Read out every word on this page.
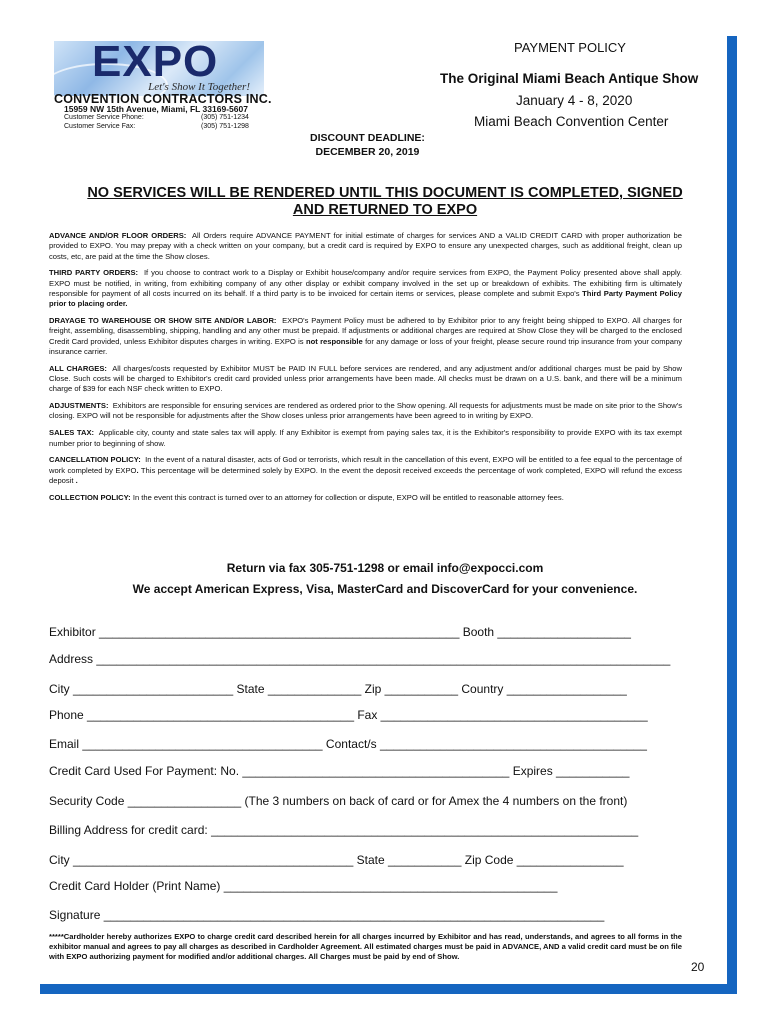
EXPO
Let's Show It Together!
CONVENTION CONTRACTORS INC.
15959 NW 15th Avenue, Miami, FL 33169-5607
Customer Service Phone:	(305) 751-1234
Customer Service Fax:	(305) 751-1298
PAYMENT POLICY
The Original Miami Beach Antique Show
January 4 - 8, 2020
Miami Beach Convention Center
DISCOUNT DEADLINE:
DECEMBER 20, 2019
NO SERVICES WILL BE RENDERED UNTIL THIS DOCUMENT IS COMPLETED, SIGNED
AND RETURNED TO EXPO

ADVANCE AND/OR FLOOR ORDERS: All Orders require ADVANCE PAYMENT for initial estimate of charges for services AND a VALID CREDIT CARD with proper authorization be provided to EXPO. You may prepay with a check written on your company, but a credit card is required by EXPO to ensure any unexpected charges, such as additional freight, clean up costs, etc, are paid at the time the Show closes.

THIRD PARTY ORDERS: If you choose to contract work to a Display or Exhibit house/company and/or require services from EXPO, the Payment Policy presented above shall apply. EXPO must be notified, in writing, from exhibiting company of any other display or exhibit company involved in the set up or breakdown of exhibits. The exhibiting firm is ultimately responsible for payment of all costs incurred on its behalf. If a third party is to be invoiced for certain items or services, please complete and submit Expo's Third Party Payment Policy prior to placing order.

DRAYAGE TO WAREHOUSE OR SHOW SITE AND/OR LABOR: EXPO's Payment Policy must be adhered to by Exhibitor prior to any freight being shipped to EXPO. All charges for freight, assembling, disassembling, shipping, handling and any other must be prepaid. If adjustments or additional charges are required at Show Close they will be charged to the enclosed Credit Card provided, unless Exhibitor disputes charges in writing. EXPO is not responsible for any damage or loss of your freight, please secure round trip insurance from your company insurance carrier.

ALL CHARGES: All charges/costs requested by Exhibitor MUST be PAID IN FULL before services are rendered, and any adjustment and/or additional charges must be paid by Show Close. Such costs will be charged to Exhibitor's credit card provided unless prior arrangements have been made. All checks must be drawn on a U.S. bank, and there will be a minimum charge of $39 for each NSF check written to EXPO.

ADJUSTMENTS: Exhibitors are responsible for ensuring services are rendered as ordered prior to the Show opening. All requests for adjustments must be made on site prior to the Show's closing. EXPO will not be responsible for adjustments after the Show closes unless prior arrangements have been agreed to in writing by EXPO.

SALES TAX: Applicable city, county and state sales tax will apply. If any Exhibitor is exempt from paying sales tax, it is the Exhibitor's responsibility to provide EXPO with its tax exempt number prior to beginning of show.

CANCELLATION POLICY: In the event of a natural disaster, acts of God or terrorists, which result in the cancellation of this event, EXPO will be entitled to a fee equal to the percentage of work completed by EXPO. This percentage will be determined solely by EXPO. In the event the deposit received exceeds the percentage of work completed, EXPO will refund the excess deposit .

COLLECTION POLICY: In the event this contract is turned over to an attorney for collection or dispute, EXPO will be entitled to reasonable attorney fees.

Return via fax 305-751-1298 or email info@expocci.com
We accept American Express, Visa, MasterCard and DiscoverCard for your convenience.
Exhibitor ______________________________________________________ Booth ____________________
Address ______________________________________________________________________________________
City ________________________ State ______________ Zip ___________ Country __________________
Phone ________________________________________ Fax ________________________________________
Email ____________________________________ Contact/s ________________________________________
Credit Card Used For Payment: No. ________________________________________ Expires ___________
Security Code _________________ (The 3 numbers on back of card or for Amex the 4 numbers on the front)
Billing Address for credit card: ________________________________________________________________
City __________________________________________ State ___________ Zip Code ________________
Credit Card Holder (Print Name) __________________________________________________
Signature ___________________________________________________________________________
*****Cardholder hereby authorizes EXPO to charge credit card described herein for all charges incurred by Exhibitor and has read, understands, and agrees to all forms in the exhibitor manual and agrees to pay all charges as described in Cardholder Agreement. All estimated charges must be paid in ADVANCE, AND a valid credit card must be on file with EXPO authorizing payment for modified and/or additional charges. All Charges must be paid by end of Show.
20
